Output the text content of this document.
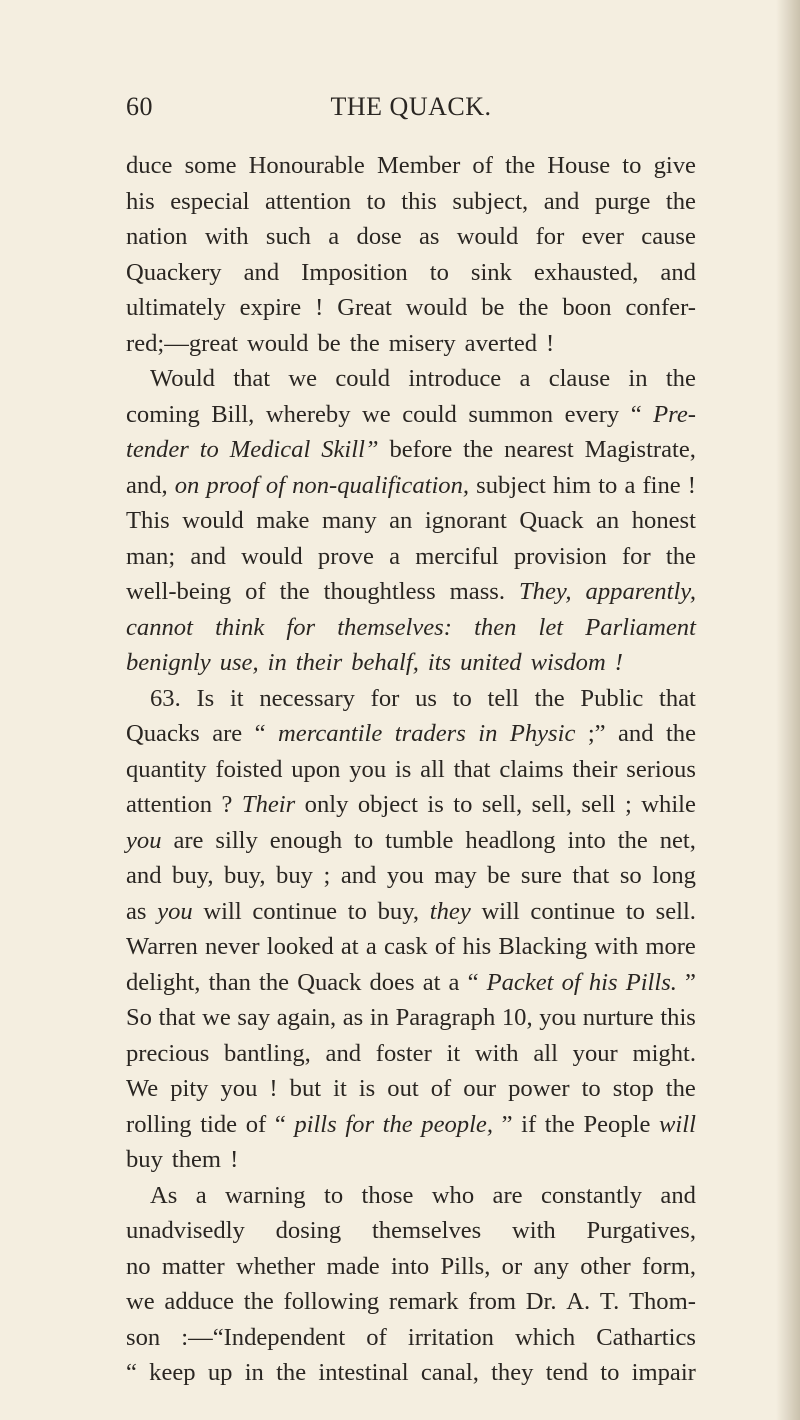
60	THE QUACK.
duce some Honourable Member of the House to give
his especial attention to this subject, and purge the
nation with such a dose as would for ever cause
Quackery and Imposition to sink exhausted, and
ultimately expire ! Great would be the boon confer-
red;—great would be the misery averted !
Would that we could introduce a clause in the
coming Bill, whereby we could summon every “ Pre-
tender to Medical Skill” before the nearest Magistrate,
and, on proof of non-qualification, subject him to a fine !
This would make many an ignorant Quack an honest
man; and would prove a merciful provision for the
well-being of the thoughtless mass. They, apparently,
cannot think for themselves: then let Parliament
benignly use, in their behalf, its united wisdom !
63. Is it necessary for us to tell the Public that
Quacks are “ mercantile traders in Physic ;” and the
quantity foisted upon you is all that claims their serious
attention ? Their only object is to sell, sell, sell ; while
you are silly enough to tumble headlong into the net,
and buy, buy, buy ; and you may be sure that so long
as you will continue to buy, they will continue to sell.
Warren never looked at a cask of his Blacking with more
delight, than the Quack does at a “ Packet of his Pills. ”
So that we say again, as in Paragraph 10, you nurture this
precious bantling, and foster it with all your might.
We pity you ! but it is out of our power to stop the
rolling tide of “ pills for the people, ” if the People will
buy them !
As a warning to those who are constantly and
unadvisedly dosing themselves with Purgatives,
no matter whether made into Pills, or any other form,
we adduce the following remark from Dr. A. T. Thom-
son :—“Independent of irritation which Cathartics
“ keep up in the intestinal canal, they tend to impair
